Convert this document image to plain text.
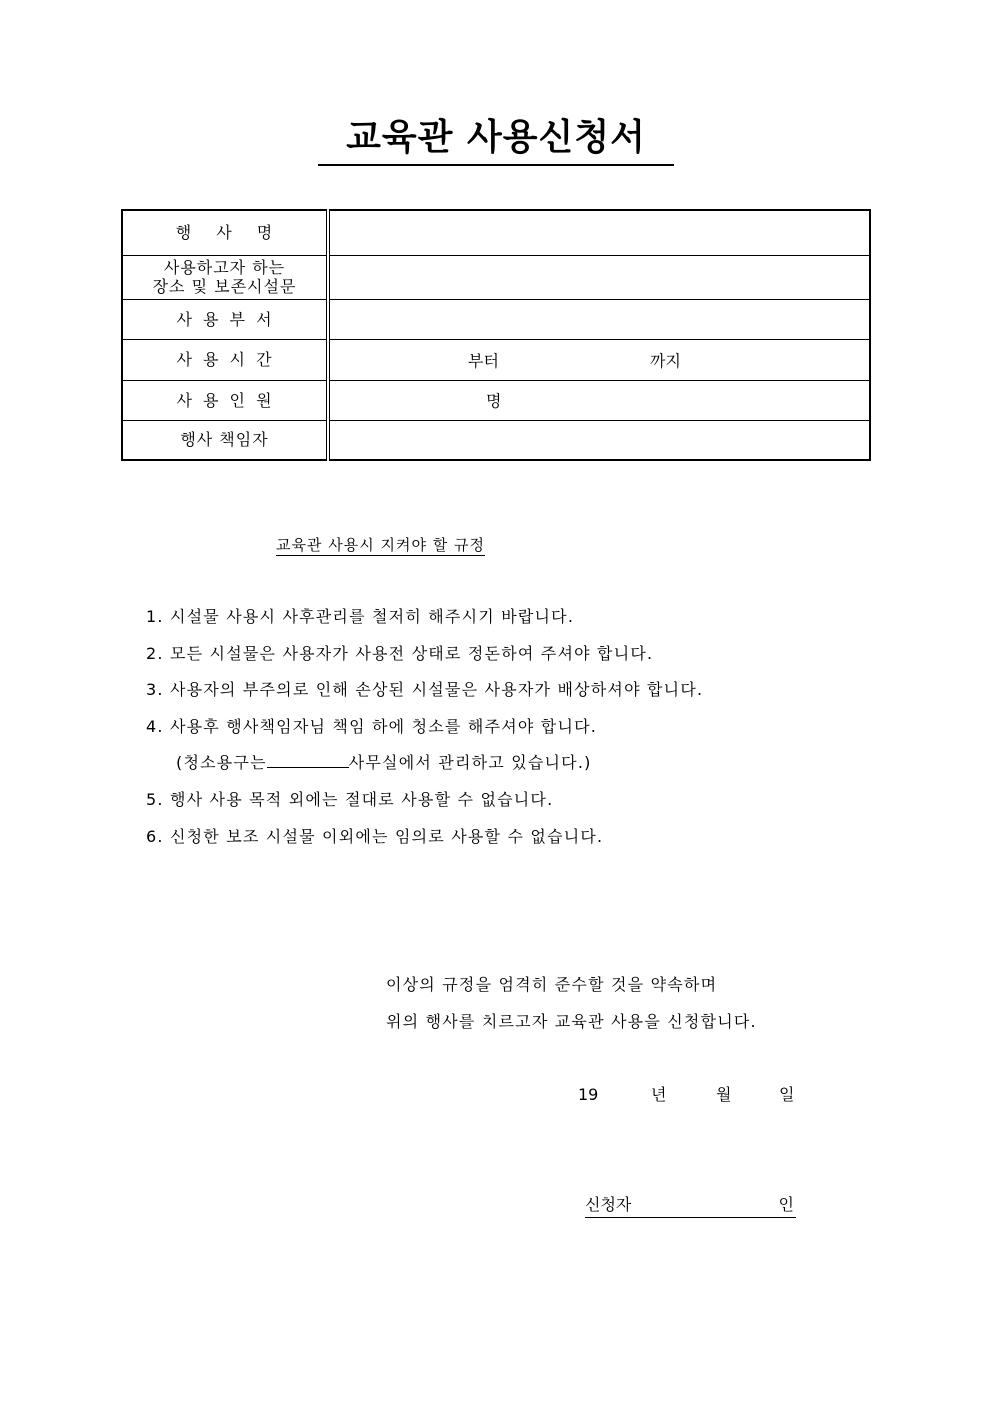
교육관 사용신청서
행 사 명	

사용하고자 하는
장소 및 보존시설문	

사 용 부 서	
사 용 시 간	부터 까지

사 용 인 원	명

행사 책임자	
교육관 사용시 지켜야 할 규정
1. 시설물 사용시 사후관리를 철저히 해주시기 바랍니다.
2. 모든 시설물은 사용자가 사용전 상태로 정돈하여 주셔야 합니다.
3. 사용자의 부주의로 인해 손상된 시설물은 사용자가 배상하셔야 합니다.
4. 사용후 행사책임자님 책임 하에 청소를 해주셔야 합니다.
(청소용구는	사무실에서 관리하고 있습니다.)
5. 행사 사용 목적 외에는 절대로 사용할 수 없습니다.
6. 신청한 보조 시설물 이외에는 임의로 사용할 수 없습니다.
이상의 규정을 엄격히 준수할 것을 약속하며
위의 행사를 치르고자 교육관 사용을 신청합니다.
19	년	월	일
신청자	인
